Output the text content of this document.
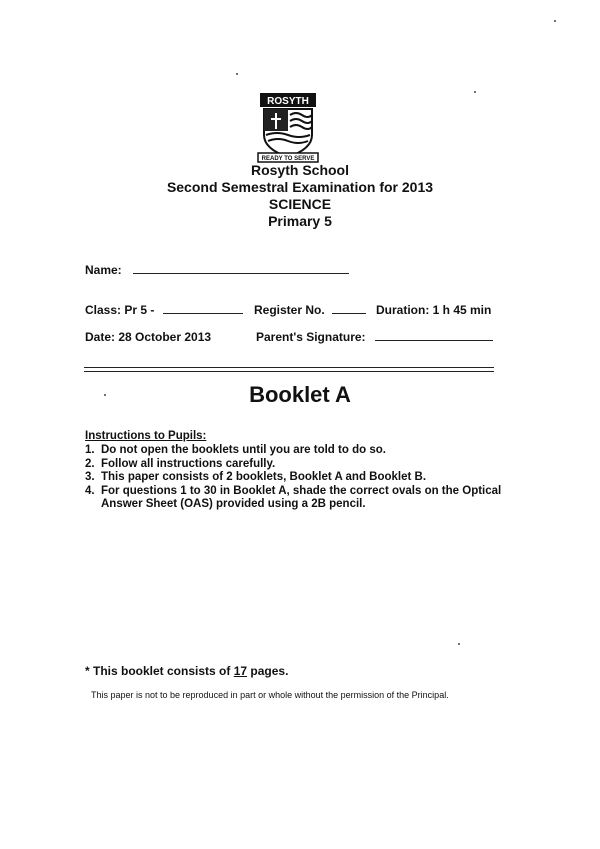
ROSYTH
READY TO SERVE
Rosyth School
Second Semestral Examination for 2013
SCIENCE
Primary 5
Name:
Class: Pr 5 -	Register No.	Duration: 1 h 45 min
Date: 28 October 2013	Parent's Signature:
Booklet A
Instructions to Pupils:
1. Do not open the booklets until you are told to do so.
2. Follow all instructions carefully.
3. This paper consists of 2 booklets, Booklet A and Booklet B.
4. For questions 1 to 30 in Booklet A, shade the correct ovals on the Optical Answer Sheet (OAS) provided using a 2B pencil.
* This booklet consists of 17 pages.
This paper is not to be reproduced in part or whole without the permission of the Principal.
